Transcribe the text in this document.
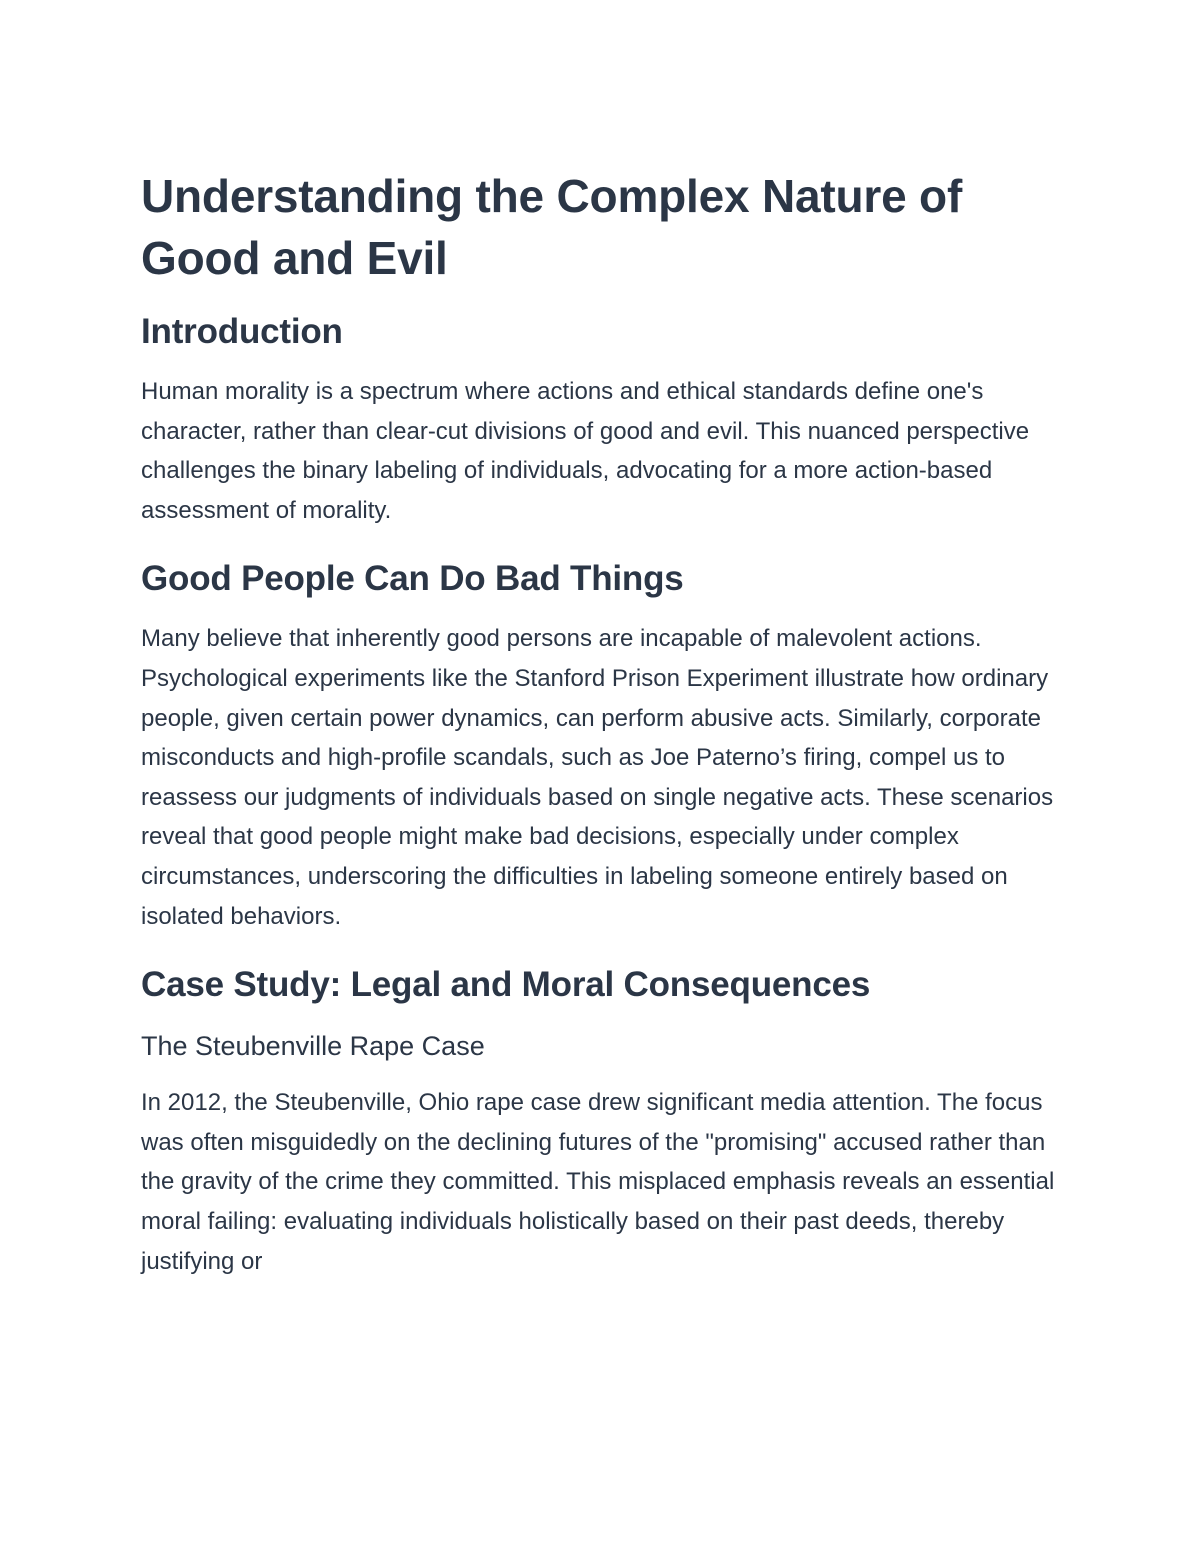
Understanding the Complex Nature of Good and Evil
Introduction

Human morality is a spectrum where actions and ethical standards define one's character, rather than clear-cut divisions of good and evil. This nuanced perspective challenges the binary labeling of individuals, advocating for a more action-based assessment of morality.

Good People Can Do Bad Things

Many believe that inherently good persons are incapable of malevolent actions. Psychological experiments like the Stanford Prison Experiment illustrate how ordinary people, given certain power dynamics, can perform abusive acts. Similarly, corporate misconducts and high-profile scandals, such as Joe Paterno’s firing, compel us to reassess our judgments of individuals based on single negative acts. These scenarios reveal that good people might make bad decisions, especially under complex circumstances, underscoring the difficulties in labeling someone entirely based on isolated behaviors.

Case Study: Legal and Moral Consequences
The Steubenville Rape Case

In 2012, the Steubenville, Ohio rape case drew significant media attention. The focus was often misguidedly on the declining futures of the "promising" accused rather than the gravity of the crime they committed. This misplaced emphasis reveals an essential moral failing: evaluating individuals holistically based on their past deeds, thereby justifying or
